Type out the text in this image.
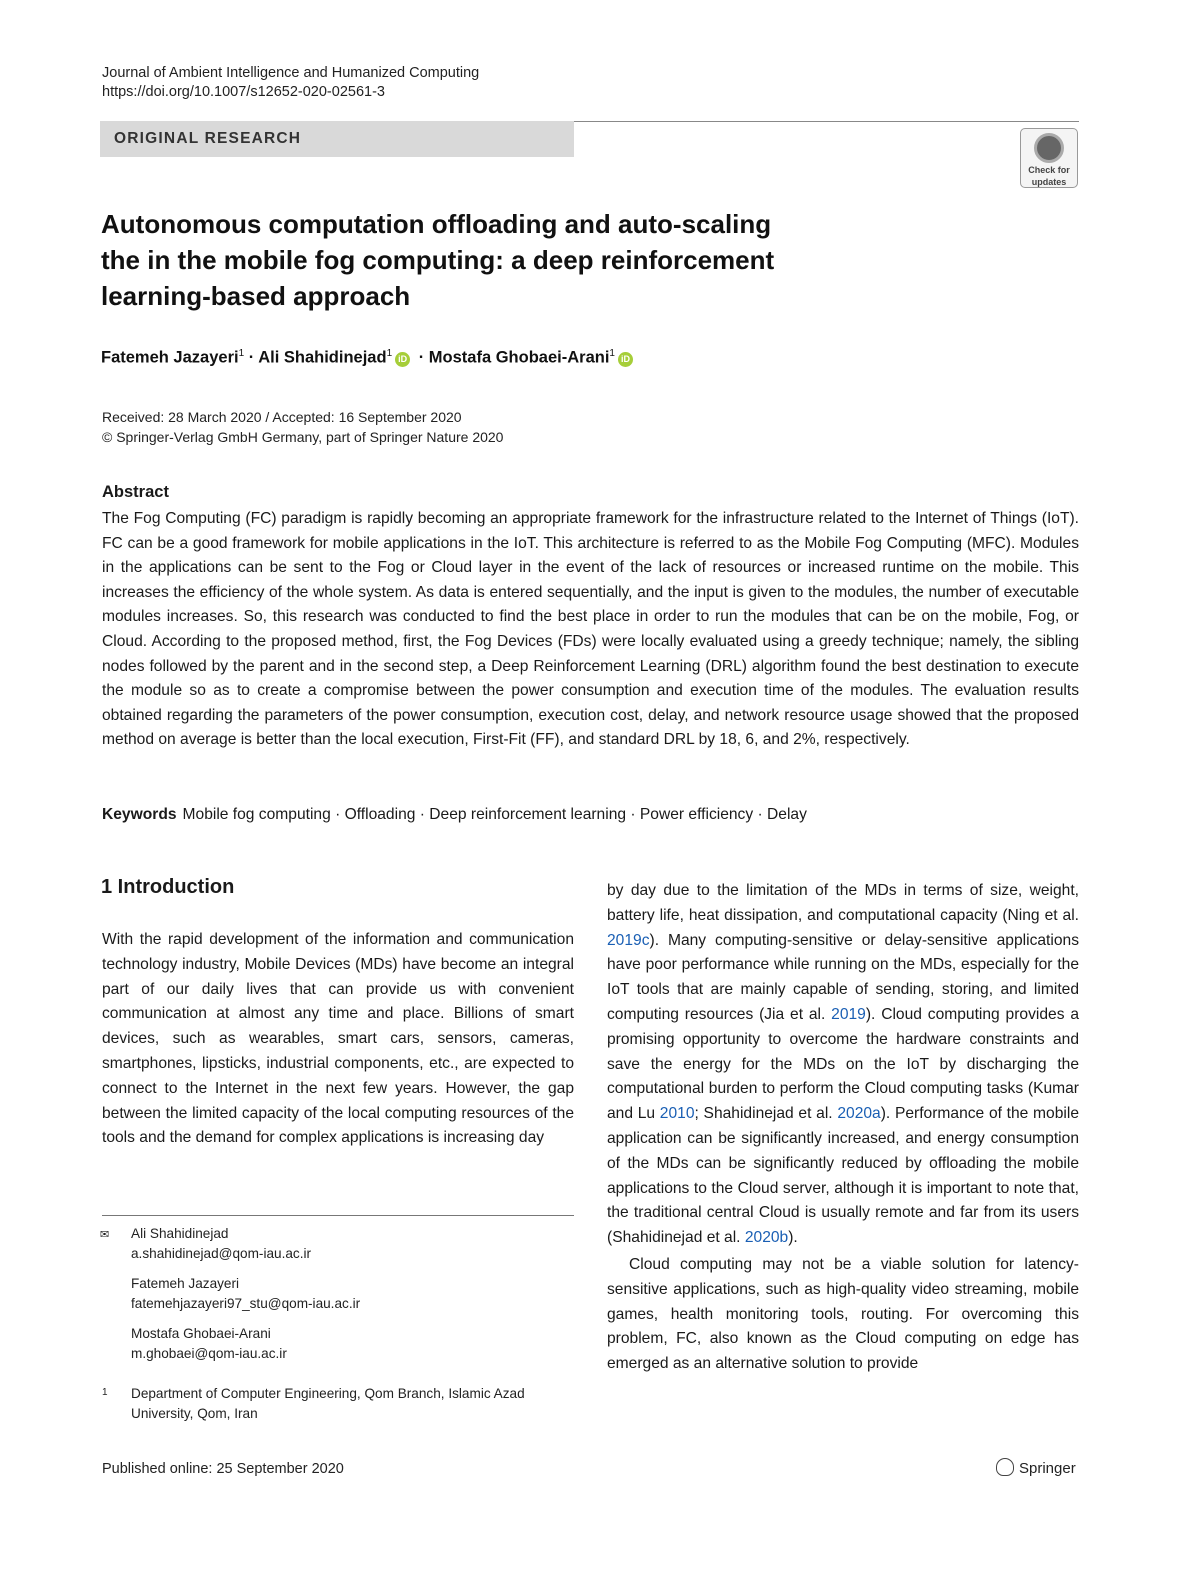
Journal of Ambient Intelligence and Humanized Computing
https://doi.org/10.1007/s12652-020-02561-3
ORIGINAL RESEARCH
Check for
updates
Autonomous computation offloading and auto-scaling
the in the mobile fog computing: a deep reinforcement
learning-based approach
Fatemeh Jazayeri$^1$ · Ali Shahidinejad$^1$ iD · Mostafa Ghobaei-Arani$^1$ iD
Received: 28 March 2020 / Accepted: 16 September 2020
© Springer-Verlag GmbH Germany, part of Springer Nature 2020
Abstract
The Fog Computing (FC) paradigm is rapidly becoming an appropriate framework for the infrastructure related to the Internet of Things (IoT). FC can be a good framework for mobile applications in the IoT. This architecture is referred to as the Mobile Fog Computing (MFC). Modules in the applications can be sent to the Fog or Cloud layer in the event of the lack of resources or increased runtime on the mobile. This increases the efficiency of the whole system. As data is entered sequentially, and the input is given to the modules, the number of executable modules increases. So, this research was conducted to find the best place in order to run the modules that can be on the mobile, Fog, or Cloud. According to the proposed method, first, the Fog Devices (FDs) were locally evaluated using a greedy technique; namely, the sibling nodes followed by the parent and in the second step, a Deep Reinforcement Learning (DRL) algorithm found the best destination to execute the module so as to create a compromise between the power consumption and execution time of the modules. The evaluation results obtained regarding the parameters of the power consumption, execution cost, delay, and network resource usage showed that the proposed method on average is better than the local execution, First-Fit (FF), and standard DRL by 18, 6, and 2%, respectively.
Keywords Mobile fog computing · Offloading · Deep reinforcement learning · Power efficiency · Delay
1 Introduction

With the rapid development of the information and communication technology industry, Mobile Devices (MDs) have become an integral part of our daily lives that can provide us with convenient communication at almost any time and place. Billions of smart devices, such as wearables, smart cars, sensors, cameras, smartphones, lipsticks, industrial components, etc., are expected to connect to the Internet in the next few years. However, the gap between the limited capacity of the local computing resources of the tools and the demand for complex applications is increasing day

by day due to the limitation of the MDs in terms of size, weight, battery life, heat dissipation, and computational capacity (Ning et al. 2019c). Many computing-sensitive or delay-sensitive applications have poor performance while running on the MDs, especially for the IoT tools that are mainly capable of sending, storing, and limited computing resources (Jia et al. 2019). Cloud computing provides a promising opportunity to overcome the hardware constraints and save the energy for the MDs on the IoT by discharging the computational burden to perform the Cloud computing tasks (Kumar and Lu 2010; Shahidinejad et al. 2020a). Performance of the mobile application can be significantly increased, and energy consumption of the MDs can be significantly reduced by offloading the mobile applications to the Cloud server, although it is important to note that, the traditional central Cloud is usually remote and far from its users (Shahidinejad et al. 2020b).

Cloud computing may not be a viable solution for latency-sensitive applications, such as high-quality video streaming, mobile games, health monitoring tools, routing. For overcoming this problem, FC, also known as the Cloud computing on edge has emerged as an alternative solution to provide

✉ Ali Shahidinejad
a.shahidinejad@qom-iau.ac.ir
Fatemeh Jazayeri
fatemehjazayeri97_stu@qom-iau.ac.ir
Mostafa Ghobaei-Arani
m.ghobaei@qom-iau.ac.ir
1 Department of Computer Engineering, Qom Branch, Islamic Azad University, Qom, Iran
Published online: 25 September 2020	Springer
